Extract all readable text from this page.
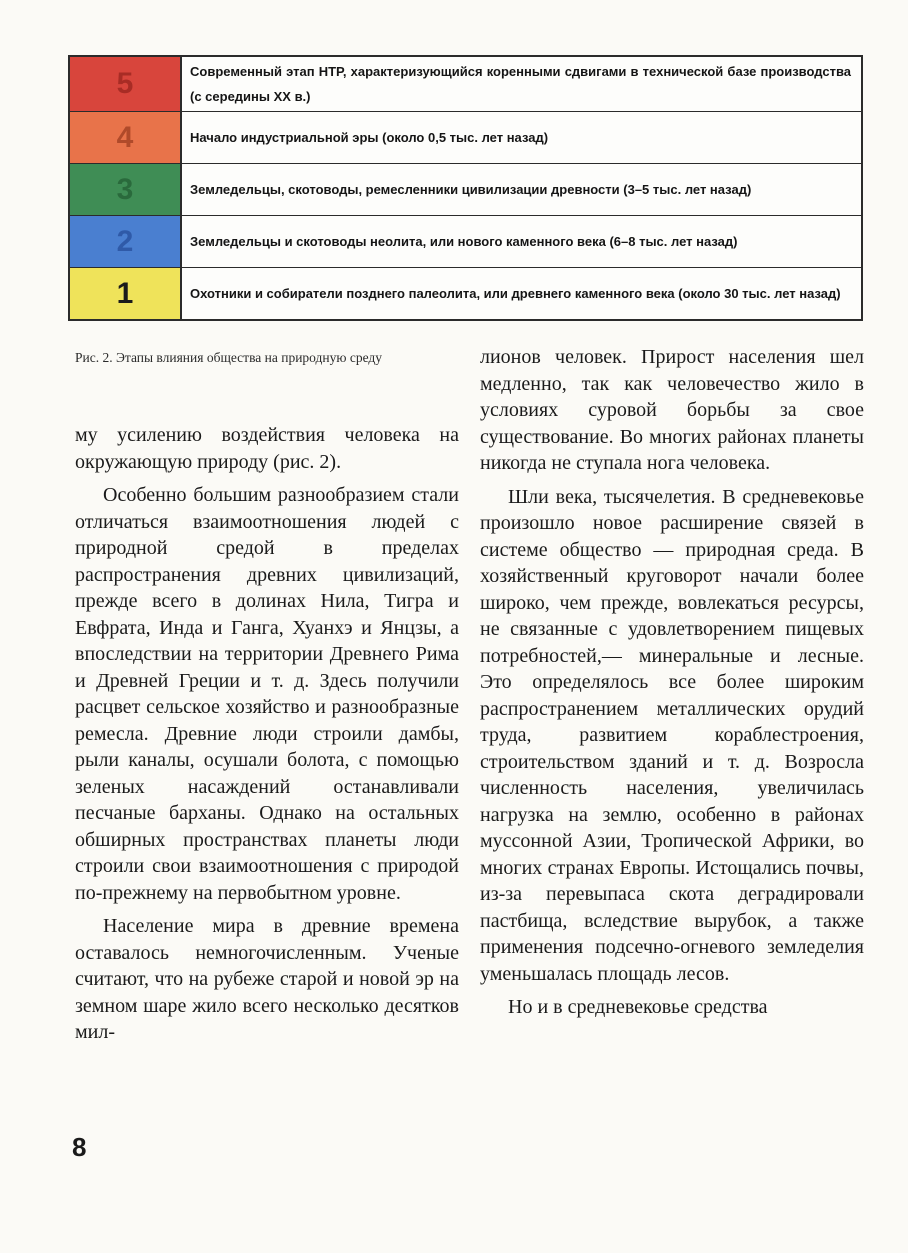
5	Современный этап НТР, характеризующийся коренными сдвигами в технической базе производства (с середины XX в.)
4	Начало индустриальной эры (около 0,5 тыс. лет назад)
3	Земледельцы, скотоводы, ремесленники цивилизации древности (3–5 тыс. лет назад)
2	Земледельцы и скотоводы неолита, или нового каменного века (6–8 тыс. лет назад)
1	Охотники и собиратели позднего палеолита, или древнего каменного века (около 30 тыс. лет назад)
Рис. 2. Этапы влияния общества на природную среду

му усилению воздействия человека на окружающую природу (рис. 2).

Особенно большим разнообразием стали отличаться взаимоотношения людей с природной средой в пределах распространения древних цивилизаций, прежде всего в долинах Нила, Тигра и Евфрата, Инда и Ганга, Хуанхэ и Янцзы, а впоследствии на территории Древнего Рима и Древней Греции и т. д. Здесь получили расцвет сельское хозяйство и разнообразные ремесла. Древние люди строили дамбы, рыли каналы, осушали болота, с помощью зеленых насаждений останавливали песчаные барханы. Однако на остальных обширных пространствах планеты люди строили свои взаимоотношения с природой по-прежнему на первобытном уровне.

Население мира в древние времена оставалось немногочисленным. Ученые считают, что на рубеже старой и новой эр на земном шаре жило всего несколько десятков мил-

лионов человек. Прирост населения шел медленно, так как человечество жило в условиях суровой борьбы за свое существование. Во многих районах планеты никогда не ступала нога человека.

Шли века, тысячелетия. В средневековье произошло новое расширение связей в системе общество — природная среда. В хозяйственный круговорот начали более широко, чем прежде, вовлекаться ресурсы, не связанные с удовлетворением пищевых потребностей,— минеральные и лесные. Это определялось все более широким распространением металлических орудий труда, развитием кораблестроения, строительством зданий и т. д. Возросла численность населения, увеличилась нагрузка на землю, особенно в районах муссонной Азии, Тропической Африки, во многих странах Европы. Истощались почвы, из-за перевыпаса скота деградировали пастбища, вследствие вырубок, а также применения подсечно-огневого земледелия уменьшалась площадь лесов.

Но и в средневековье средства

8
